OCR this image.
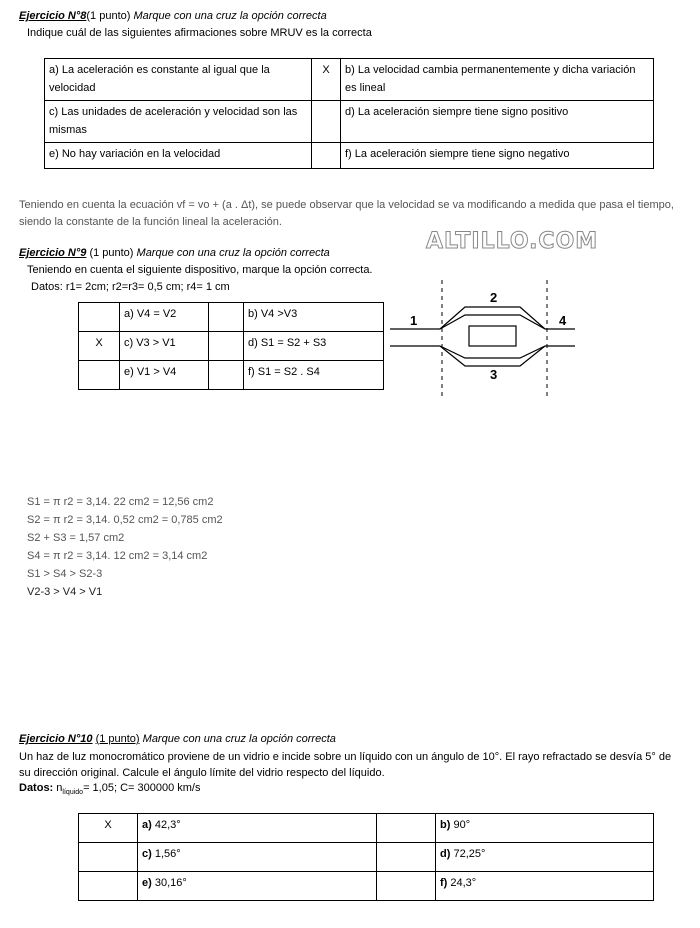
Ejercicio N°8(1 punto) Marque con una cruz la opción correcta
Indique cuál de las siguientes afirmaciones sobre MRUV es la correcta
a) La aceleración es constante al igual que la velocidad	X	b) La velocidad cambia permanentemente y dicha variación es lineal
c) Las unidades de aceleración y velocidad son las mismas		d) La aceleración siempre tiene signo positivo
e) No hay variación en la velocidad		f) La aceleración siempre tiene signo negativo
Teniendo en cuenta la ecuación vf = vo + (a . Δt), se puede observar que la velocidad se va modificando a medida que pasa el tiempo, siendo la constante de la función lineal la aceleración.
ALTILLO.COM
Ejercicio N°9 (1 punto) Marque con una cruz la opción correcta
Teniendo en cuenta el siguiente dispositivo, marque la opción correcta.
Datos: r1= 2cm; r2=r3= 0,5 cm; r4= 1 cm
	a) V4 = V2		b) V4 >V3
X	c) V3 > V1		d) S1 = S2 + S3
	e) V1 > V4		f) S1 = S2 . S4
1
2
3
4
S1 = π r2 = 3,14. 22 cm2 = 12,56 cm2
S2 = π r2 = 3,14. 0,52 cm2 = 0,785 cm2
S2 + S3 = 1,57 cm2
S4 = π r2 = 3,14. 12 cm2 = 3,14 cm2
S1 > S4 > S2-3
V2-3 > V4 > V1
Ejercicio N°10 (1 punto) Marque con una cruz la opción correcta
Un haz de luz monocromático proviene de un vidrio e incide sobre un líquido con un ángulo de 10°. El rayo refractado se desvía 5° de su dirección original. Calcule el ángulo límite del vidrio respecto del líquido.
Datos: $n_{líquido}= 1,05$; C= 300000 km/s
X	a) 42,3°		b) 90°
	c) 1,56°		d) 72,25°
	e) 30,16°		f) 24,3°
